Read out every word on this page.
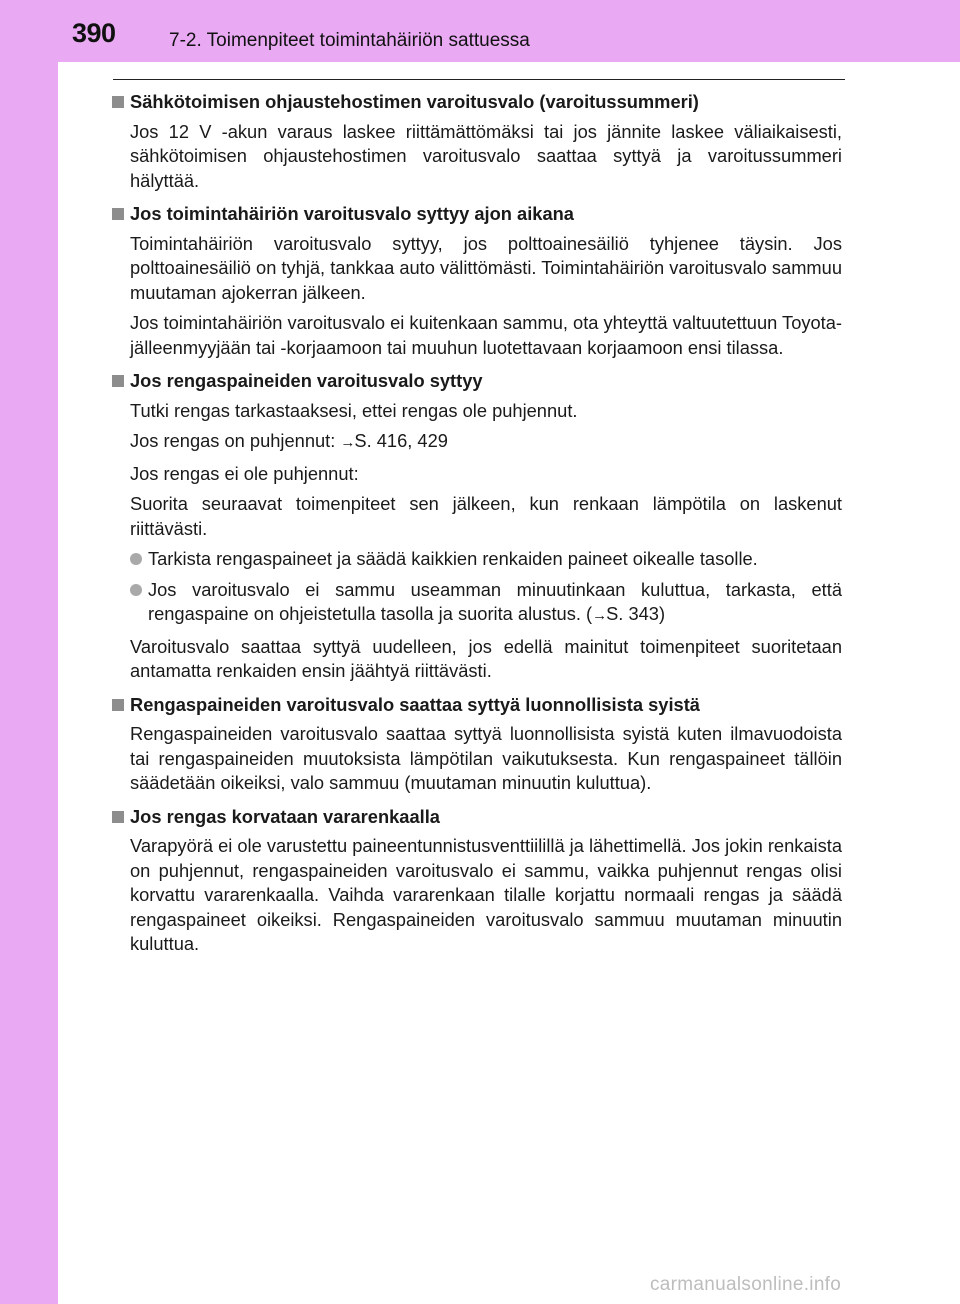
390	7-2. Toimenpiteet toimintahäiriön sattuessa
Sähkötoimisen ohjaustehostimen varoitusvalo (varoitussummeri)
Jos 12 V -akun varaus laskee riittämättömäksi tai jos jännite laskee väliaikaisesti, sähkötoimisen ohjaustehostimen varoitusvalo saattaa syttyä ja varoitussummeri hälyttää.
Jos toimintahäiriön varoitusvalo syttyy ajon aikana
Toimintahäiriön varoitusvalo syttyy, jos polttoainesäiliö tyhjenee täysin. Jos polttoainesäiliö on tyhjä, tankkaa auto välittömästi. Toimintahäiriön varoitusvalo sammuu muutaman ajokerran jälkeen.
Jos toimintahäiriön varoitusvalo ei kuitenkaan sammu, ota yhteyttä valtuutettuun Toyota-jälleenmyyjään tai -korjaamoon tai muuhun luotettavaan korjaamoon ensi tilassa.
Jos rengaspaineiden varoitusvalo syttyy
Tutki rengas tarkastaaksesi, ettei rengas ole puhjennut.
Jos rengas on puhjennut: →S. 416, 429
Jos rengas ei ole puhjennut:
Suorita seuraavat toimenpiteet sen jälkeen, kun renkaan lämpötila on laskenut riittävästi.
Tarkista rengaspaineet ja säädä kaikkien renkaiden paineet oikealle tasolle.
Jos varoitusvalo ei sammu useamman minuutinkaan kuluttua, tarkasta, että rengaspaine on ohjeistetulla tasolla ja suorita alustus. (→S. 343)
Varoitusvalo saattaa syttyä uudelleen, jos edellä mainitut toimenpiteet suoritetaan antamatta renkaiden ensin jäähtyä riittävästi.
Rengaspaineiden varoitusvalo saattaa syttyä luonnollisista syistä
Rengaspaineiden varoitusvalo saattaa syttyä luonnollisista syistä kuten ilmavuodoista tai rengaspaineiden muutoksista lämpötilan vaikutuksesta. Kun rengaspaineet tällöin säädetään oikeiksi, valo sammuu (muutaman minuutin kuluttua).
Jos rengas korvataan vararenkaalla
Varapyörä ei ole varustettu paineentunnistusventtiilillä ja lähettimellä. Jos jokin renkaista on puhjennut, rengaspaineiden varoitusvalo ei sammu, vaikka puhjennut rengas olisi korvattu vararenkaalla. Vaihda vararenkaan tilalle korjattu normaali rengas ja säädä rengaspaineet oikeiksi. Rengaspaineiden varoitusvalo sammuu muutaman minuutin kuluttua.
carmanualsonline.info
